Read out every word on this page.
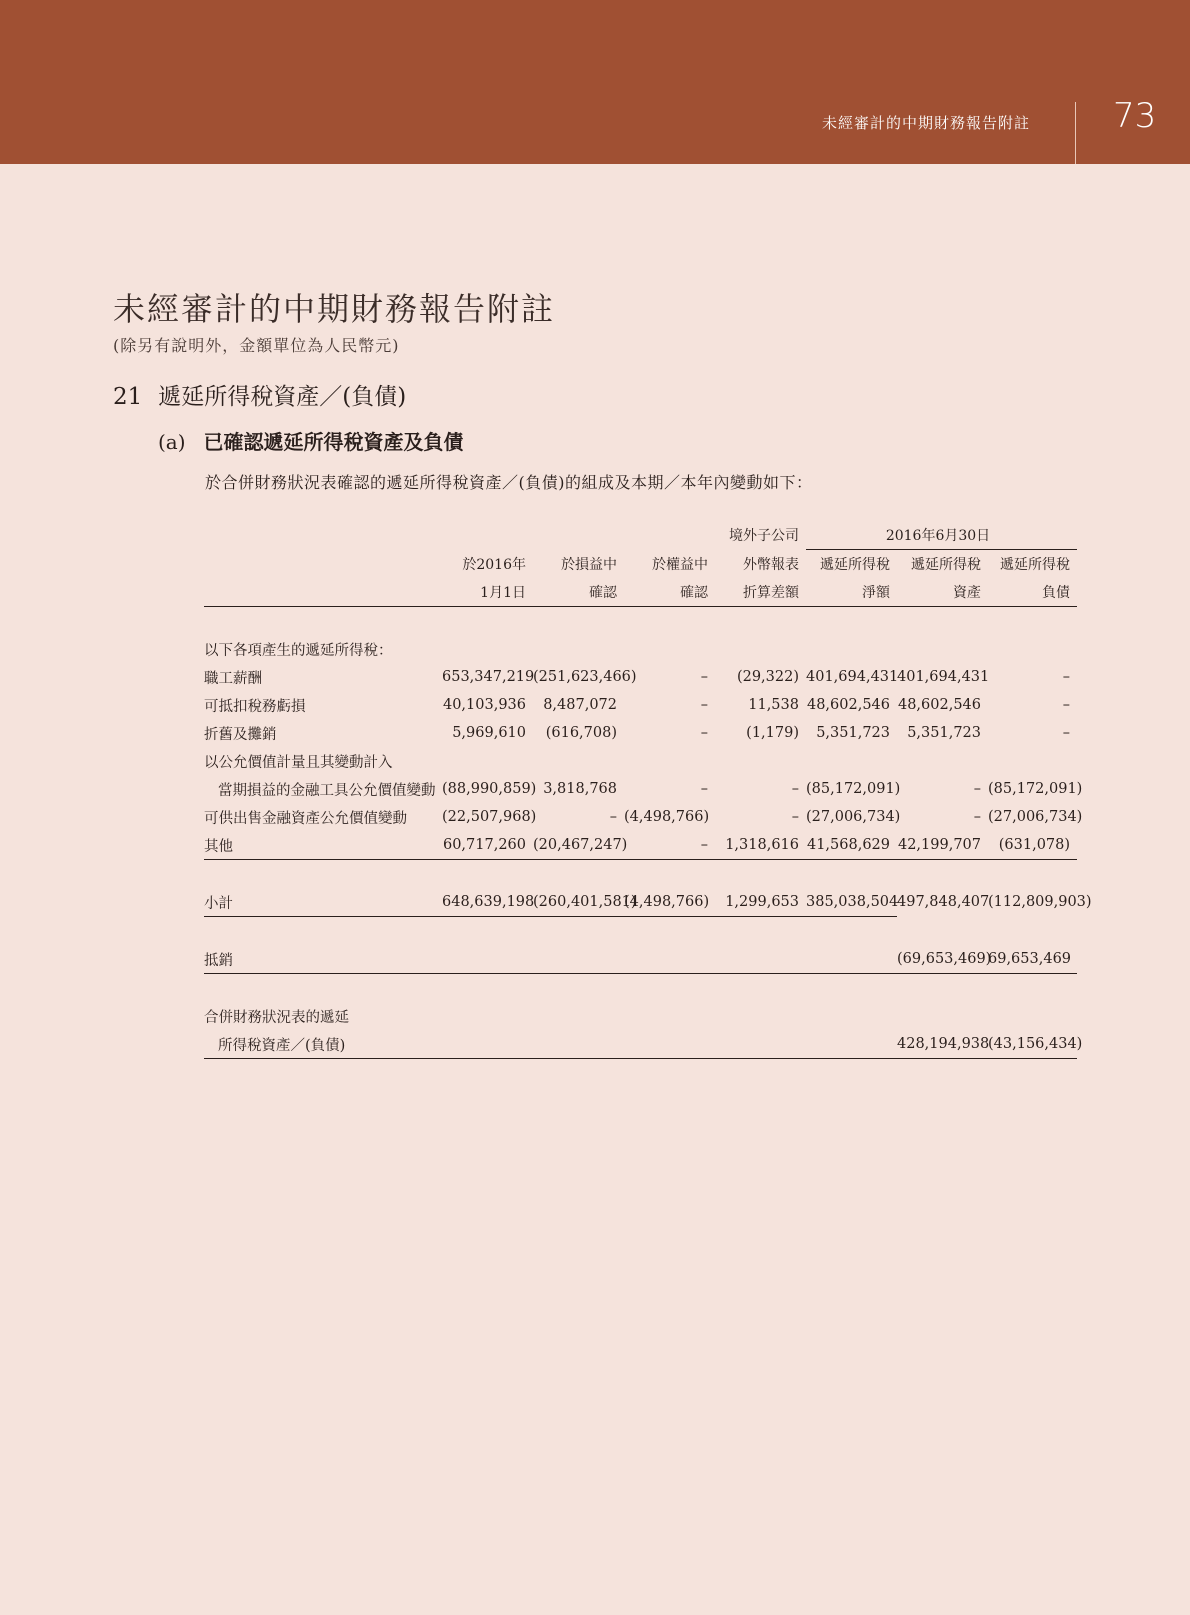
未經審計的中期財務報告附註 73
未經審計的中期財務報告附註
(除另有說明外，金額單位為人民幣元)
21 遞延所得稅資產／(負債)
(a) 已確認遞延所得稅資產及負債
於合併財務狀況表確認的遞延所得稅資產／(負債)的組成及本期／本年內變動如下：
				境外子公司	2016年6月30日		
	於2016年	於損益中	於權益中	外幣報表	遞延所得稅	遞延所得稅	遞延所得稅
	1月1日	確認	確認	折算差額	淨額	資產	負債

以下各項產生的遞延所得稅：							
職工薪酬	653,347,219	(251,623,466)	–	(29,322)	401,694,431	401,694,431	–
可抵扣稅務虧損	40,103,936	8,487,072	–	11,538	48,602,546	48,602,546	–
折舊及攤銷	5,969,610	(616,708)	–	(1,179)	5,351,723	5,351,723	–
以公允價值計量且其變動計入							
當期損益的金融工具公允價值變動	(88,990,859)	3,818,768	–	–	(85,172,091)	–	(85,172,091)
可供出售金融資產公允價值變動	(22,507,968)	–	(4,498,766)	–	(27,006,734)	–	(27,006,734)
其他	60,717,260	(20,467,247)	–	1,318,616	41,568,629	42,199,707	(631,078)

小計	648,639,198	(260,401,581)	(4,498,766)	1,299,653	385,038,504	497,848,407	(112,809,903)

抵銷						(69,653,469)	69,653,469

合併財務狀況表的遞延							
所得稅資產／(負債)						428,194,938	(43,156,434)
